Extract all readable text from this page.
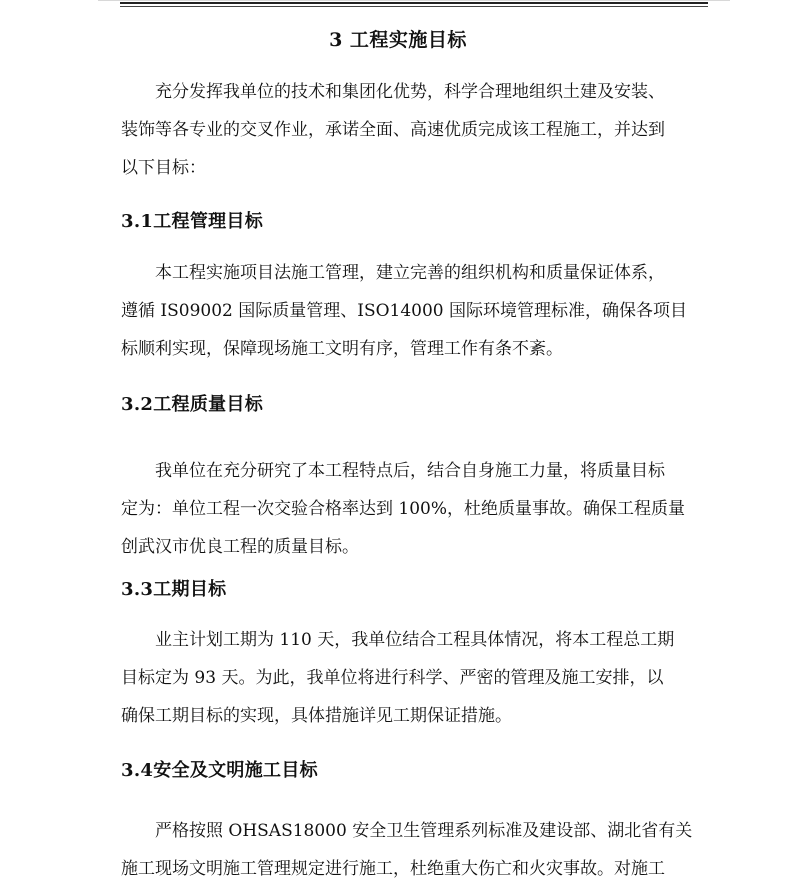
3 工程实施目标

充分发挥我单位的技术和集团化优势，科学合理地组织土建及安装、
装饰等各专业的交叉作业，承诺全面、高速优质完成该工程施工，并达到
以下目标：

3.1工程管理目标

本工程实施项目法施工管理，建立完善的组织机构和质量保证体系，
遵循 IS09002 国际质量管理、ISO14000 国际环境管理标准，确保各项目
标顺利实现，保障现场施工文明有序，管理工作有条不紊。

3.2工程质量目标

我单位在充分研究了本工程特点后，结合自身施工力量，将质量目标
定为：单位工程一次交验合格率达到 100%，杜绝质量事故。确保工程质量
创武汉市优良工程的质量目标。

3.3工期目标

业主计划工期为 110 天，我单位结合工程具体情况，将本工程总工期
目标定为 93 天。为此，我单位将进行科学、严密的管理及施工安排，以
确保工期目标的实现，具体措施详见工期保证措施。

3.4安全及文明施工目标

严格按照 OHSAS18000 安全卫生管理系列标准及建设部、湖北省有关
施工现场文明施工管理规定进行施工，杜绝重大伤亡和火灾事故。对施工
